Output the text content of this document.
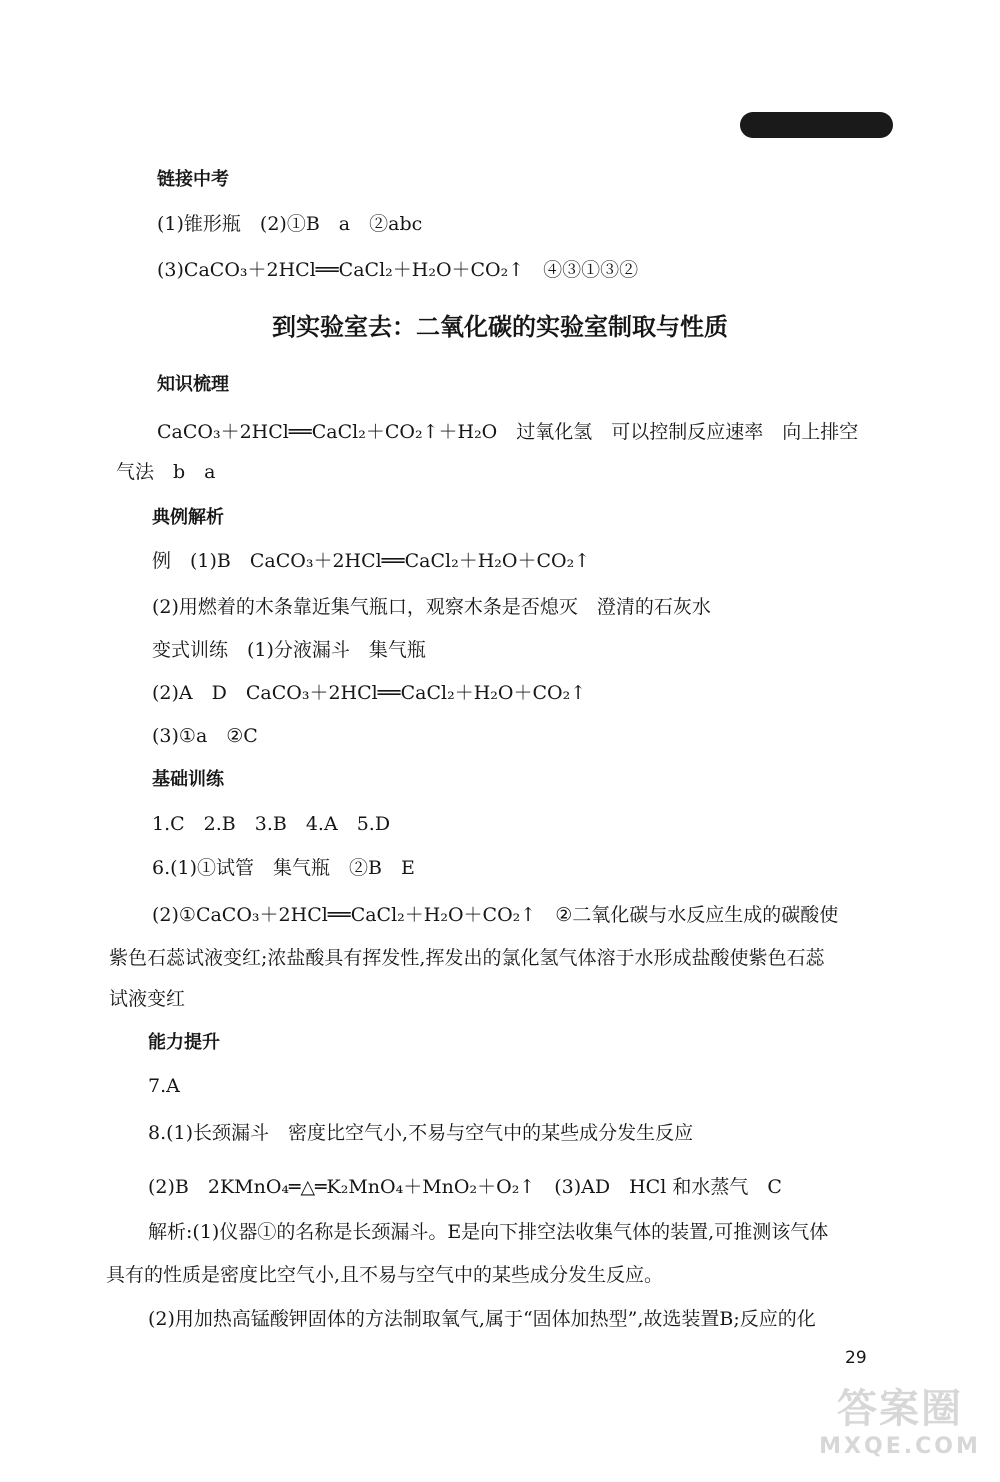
链接中考
(1)锥形瓶　(2)①B　a　②abc
(3)CaCO₃＋2HCl══CaCl₂＋H₂O＋CO₂↑　④③①③②
到实验室去：二氧化碳的实验室制取与性质
知识梳理
CaCO₃＋2HCl══CaCl₂＋CO₂↑＋H₂O　过氧化氢　可以控制反应速率　向上排空
气法　b　a
典例解析
例　(1)B　CaCO₃＋2HCl══CaCl₂＋H₂O＋CO₂↑
(2)用燃着的木条靠近集气瓶口，观察木条是否熄灭　澄清的石灰水
变式训练　(1)分液漏斗　集气瓶
(2)A　D　CaCO₃＋2HCl══CaCl₂＋H₂O＋CO₂↑
(3)①a　②C
基础训练
1.C　2.B　3.B　4.A　5.D
6.(1)①试管　集气瓶　②B　E
(2)①CaCO₃＋2HCl══CaCl₂＋H₂O＋CO₂↑　②二氧化碳与水反应生成的碳酸使
紫色石蕊试液变红;浓盐酸具有挥发性,挥发出的氯化氢气体溶于水形成盐酸使紫色石蕊
试液变红
能力提升
7.A
8.(1)长颈漏斗　密度比空气小,不易与空气中的某些成分发生反应
(2)B　2KMnO₄═△═K₂MnO₄＋MnO₂＋O₂↑　(3)AD　HCl 和水蒸气　C
解析:(1)仪器①的名称是长颈漏斗。E是向下排空法收集气体的装置,可推测该气体
具有的性质是密度比空气小,且不易与空气中的某些成分发生反应。
(2)用加热高锰酸钾固体的方法制取氧气,属于“固体加热型”,故选装置B;反应的化
29
答案圈
MXQE.COM
